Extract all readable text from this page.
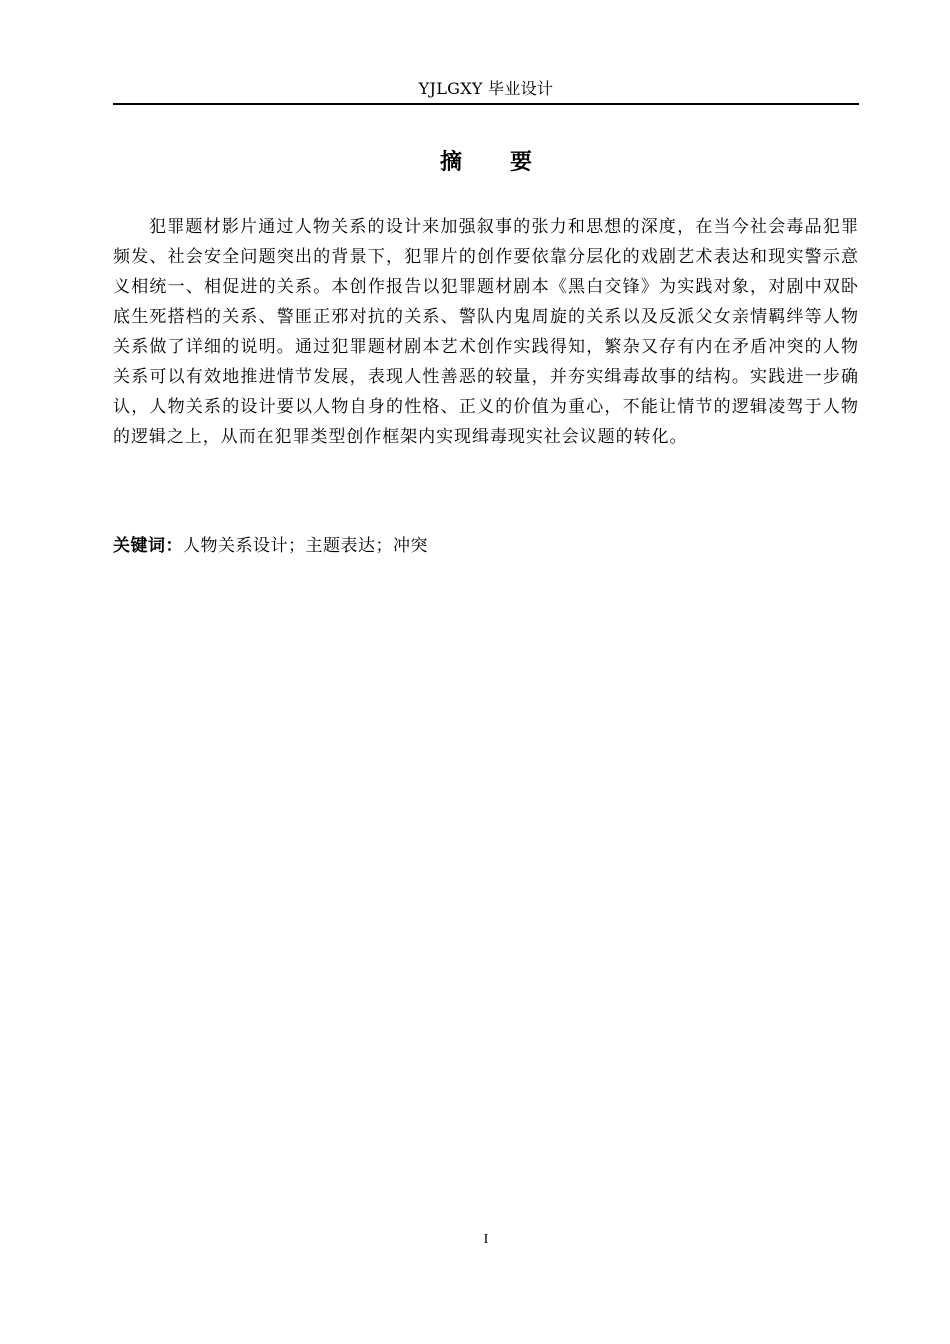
YJLGXY 毕业设计
摘要

犯罪题材影片通过人物关系的设计来加强叙事的张力和思想的深度，在当今社会毒品犯罪频发、社会安全问题突出的背景下，犯罪片的创作要依靠分层化的戏剧艺术表达和现实警示意义相统一、相促进的关系。本创作报告以犯罪题材剧本《黑白交锋》为实践对象，对剧中双卧底生死搭档的关系、警匪正邪对抗的关系、警队内鬼周旋的关系以及反派父女亲情羁绊等人物关系做了详细的说明。通过犯罪题材剧本艺术创作实践得知，繁杂又存有内在矛盾冲突的人物关系可以有效地推进情节发展，表现人性善恶的较量，并夯实缉毒故事的结构。实践进一步确认，人物关系的设计要以人物自身的性格、正义的价值为重心，不能让情节的逻辑凌驾于人物的逻辑之上，从而在犯罪类型创作框架内实现缉毒现实社会议题的转化。

关键词：人物关系设计；主题表达；冲突
I
